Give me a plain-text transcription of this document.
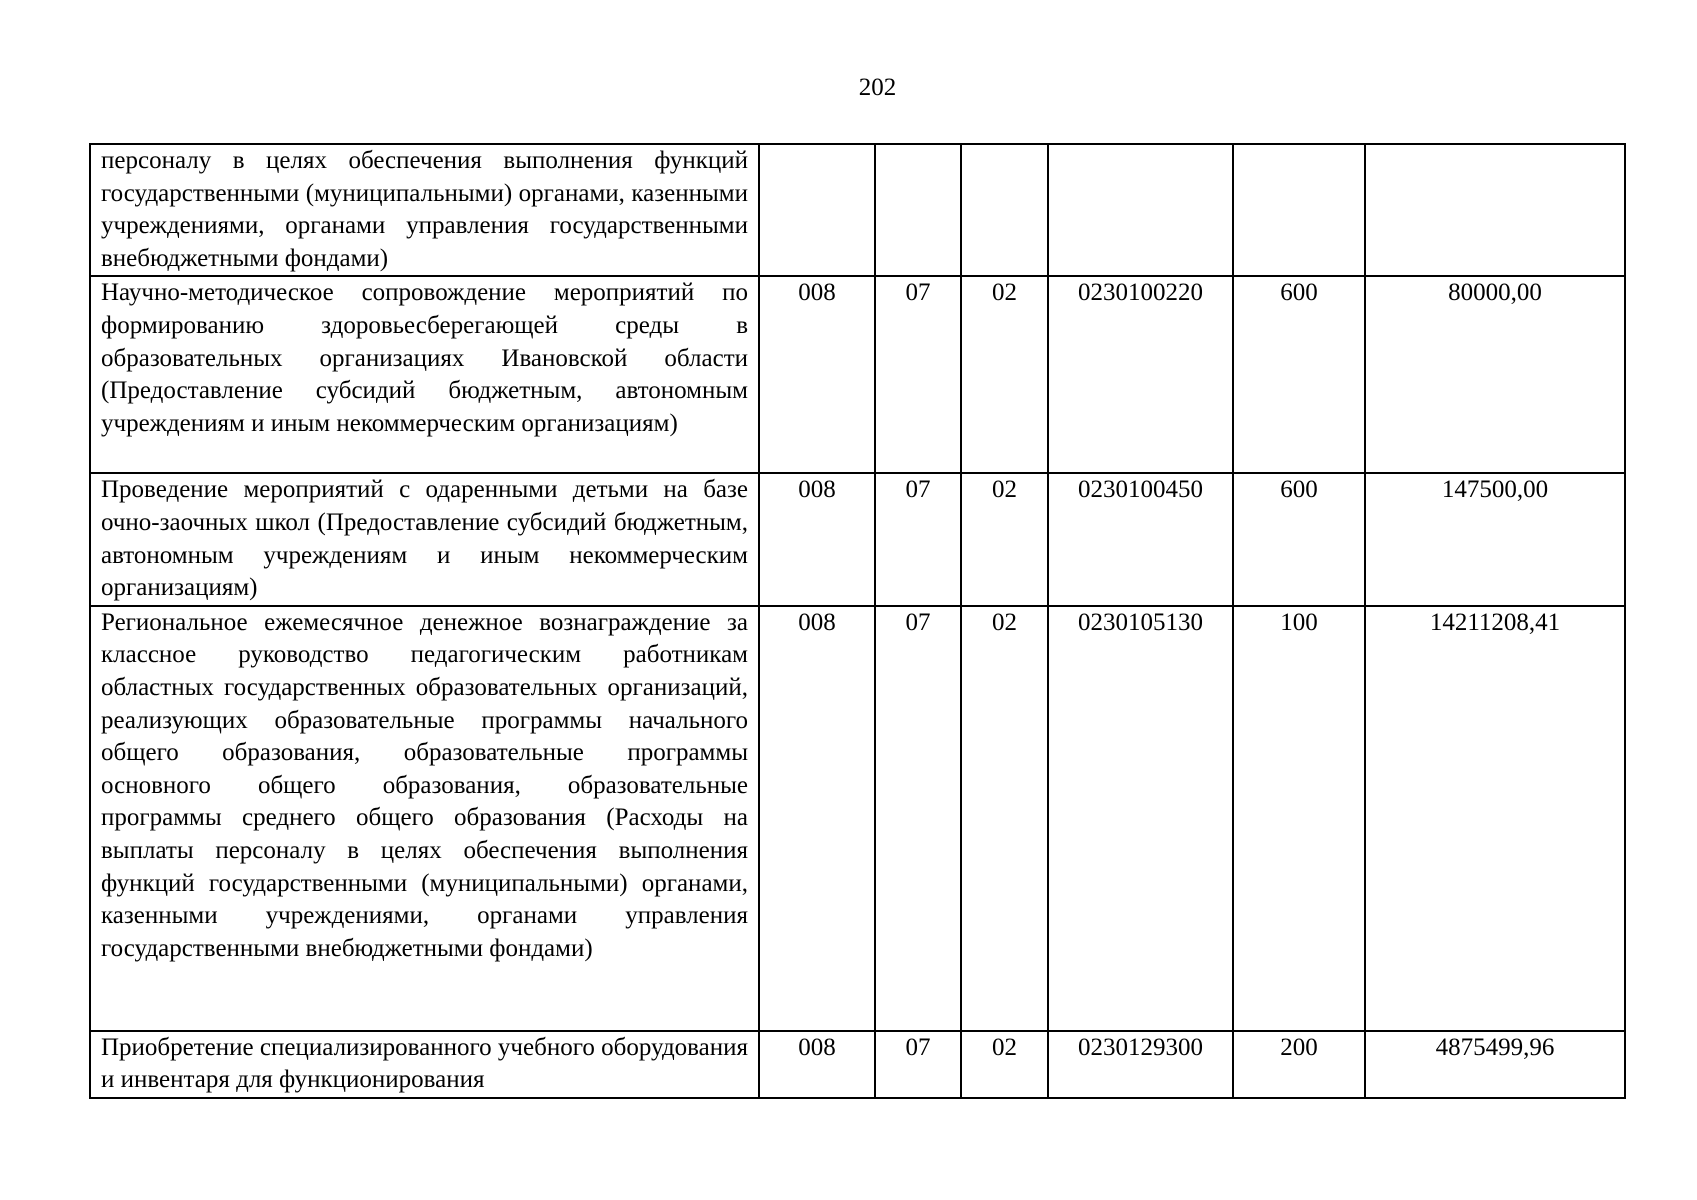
202
персоналу в целях обеспечения выполнения функций государственными (муниципальными) органами, казенными учреждениями, органами управления государственными внебюджетными фондами)						

Научно-методическое сопровождение мероприятий по формированию здоровьесберегающей среды в образовательных организациях Ивановской области (Предоставление субсидий бюджетным, автономным учреждениям и иным некоммерческим организациям)	008	07	02	0230100220	600	80000,00

Проведение мероприятий с одаренными детьми на базе очно-заочных школ (Предоставление субсидий бюджетным, автономным учреждениям и иным некоммерческим организациям)	008	07	02	0230100450	600	147500,00

Региональное ежемесячное денежное вознаграждение за классное руководство педагогическим работникам областных государственных образовательных организаций, реализующих образовательные программы начального общего образования, образовательные программы основного общего образования, образовательные программы среднего общего образования (Расходы на выплаты персоналу в целях обеспечения выполнения функций государственными (муниципальными) органами, казенными учреждениями, органами управления государственными внебюджетными фондами)	008	07	02	0230105130	100	14211208,41

Приобретение специализированного учебного оборудования и инвентаря для функционирования	008	07	02	0230129300	200	4875499,96
